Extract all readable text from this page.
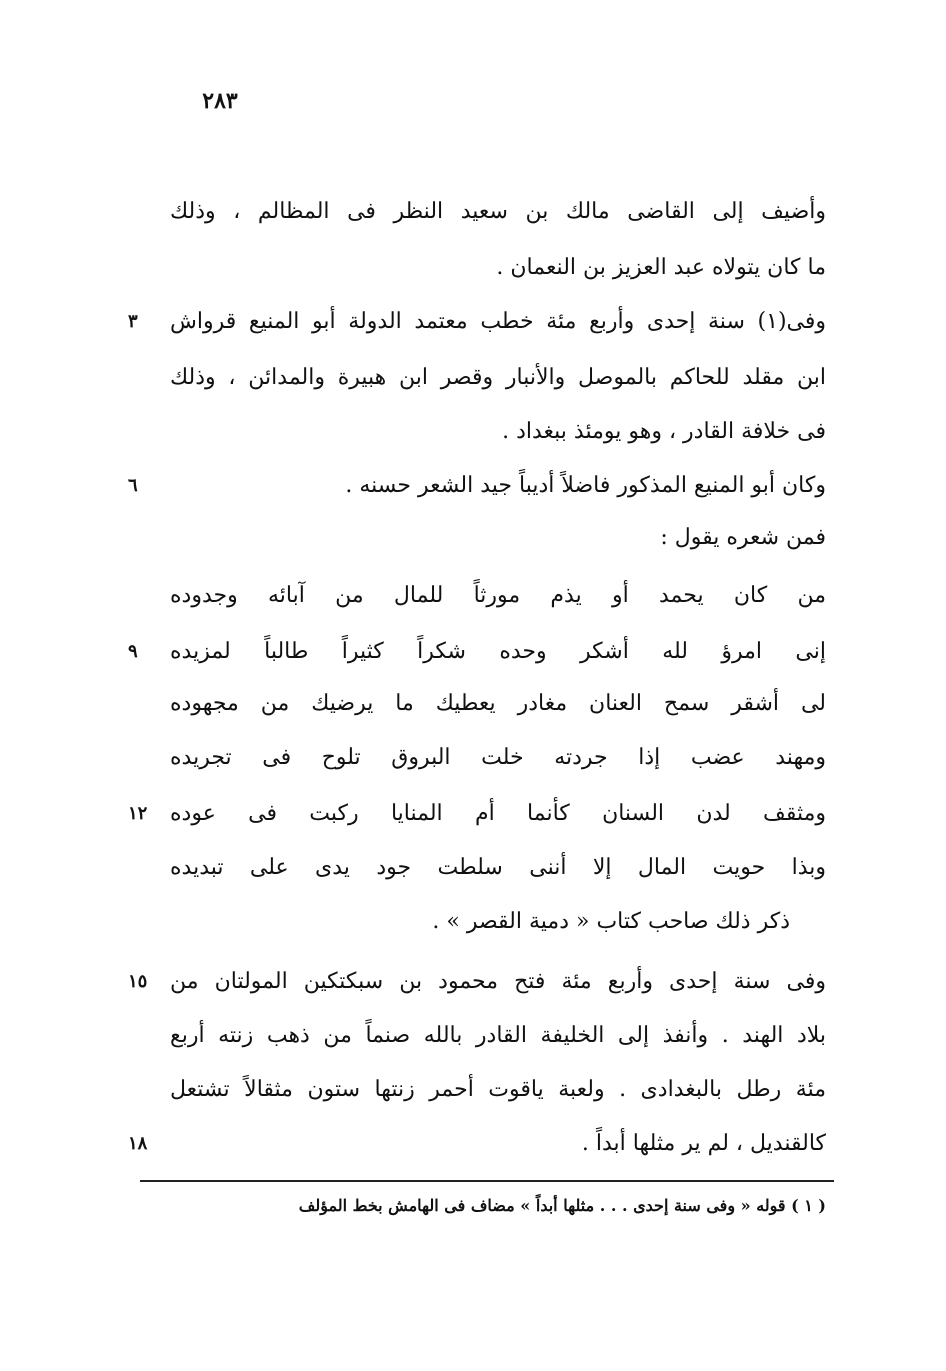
٢٨٣
وأضيف إلى القاضى مالك بن سعيد النظر فى المظالم ، وذلك
ما كان يتولاه عبد العزيز بن النعمان .
وفى(١) سنة إحدى وأربع مئة خطب معتمد الدولة أبو المنيع قرواش
ابن مقلد للحاكم بالموصل والأنبار وقصر ابن هبيرة والمدائن ، وذلك
فى خلافة القادر ، وهو يومئذ ببغداد .
وكان أبو المنيع المذكور فاضلاً أديباً جيد الشعر حسنه .
فمن شعره يقول :
من كان يحمد أو يذم مورثاً للمال من آبائه وجدوده
إنى امرؤ لله أشكر وحده شكراً كثيراً طالباً لمزيده
لى أشقر سمح العنان مغادر يعطيك ما يرضيك من مجهوده
ومهند عضب إذا جردته خلت البروق تلوح فى تجريده
ومثقف لدن السنان كأنما أم المنايا ركبت فى عوده
وبذا حويت المال إلا أننى سلطت جود يدى على تبديده
ذكر ذلك صاحب كتاب « دمية القصر » .
وفى سنة إحدى وأربع مئة فتح محمود بن سبكتكين المولتان من
بلاد الهند . وأنفذ إلى الخليفة القادر بالله صنماً من ذهب زنته أربع
مئة رطل بالبغدادى . ولعبة ياقوت أحمر زنتها ستون مثقالاً تشتعل
كالقنديل ، لم ير مثلها أبداً .
٣
٦
٩
١٢
١٥
١٨
( ١ ) قوله « وفى سنة إحدى . . . مثلها أبداً » مضاف فى الهامش بخط المؤلف
